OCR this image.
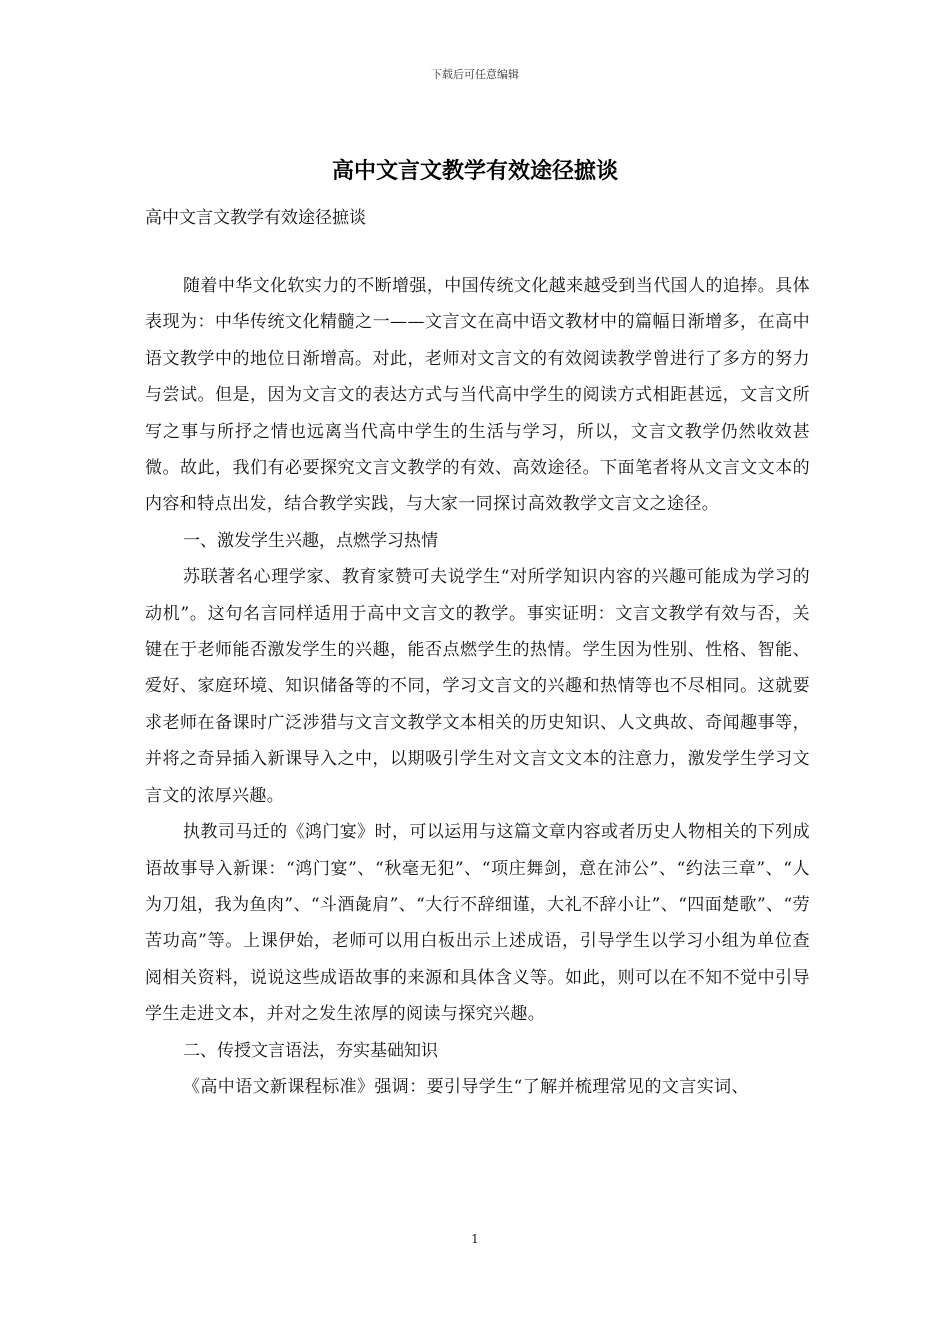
下载后可任意编辑
高中文言文教学有效途径摭谈
高中文言文教学有效途径摭谈

随着中华文化软实力的不断增强，中国传统文化越来越受到当代国人的追捧。具体表现为：中华传统文化精髓之一——文言文在高中语文教材中的篇幅日渐增多，在高中语文教学中的地位日渐增高。对此，老师对文言文的有效阅读教学曾进行了多方的努力与尝试。但是，因为文言文的表达方式与当代高中学生的阅读方式相距甚远，文言文所写之事与所抒之情也远离当代高中学生的生活与学习，所以，文言文教学仍然收效甚微。故此，我们有必要探究文言文教学的有效、高效途径。下面笔者将从文言文文本的内容和特点出发，结合教学实践，与大家一同探讨高效教学文言文之途径。

一、激发学生兴趣，点燃学习热情

苏联著名心理学家、教育家赞可夫说学生“对所学知识内容的兴趣可能成为学习的动机”。这句名言同样适用于高中文言文的教学。事实证明：文言文教学有效与否，关键在于老师能否激发学生的兴趣，能否点燃学生的热情。学生因为性别、性格、智能、爱好、家庭环境、知识储备等的不同，学习文言文的兴趣和热情等也不尽相同。这就要求老师在备课时广泛涉猎与文言文教学文本相关的历史知识、人文典故、奇闻趣事等，并将之奇异插入新课导入之中，以期吸引学生对文言文文本的注意力，激发学生学习文言文的浓厚兴趣。

执教司马迁的《鸿门宴》时，可以运用与这篇文章内容或者历史人物相关的下列成语故事导入新课：“鸿门宴”、“秋毫无犯”、“项庄舞剑，意在沛公”、“约法三章”、“人为刀俎，我为鱼肉”、“斗酒彘肩”、“大行不辞细谨，大礼不辞小让”、“四面楚歌”、“劳苦功高”等。上课伊始，老师可以用白板出示上述成语，引导学生以学习小组为单位查阅相关资料，说说这些成语故事的来源和具体含义等。如此，则可以在不知不觉中引导学生走进文本，并对之发生浓厚的阅读与探究兴趣。

二、传授文言语法，夯实基础知识

《高中语文新课程标准》强调：要引导学生“了解并梳理常见的文言实词、

1
